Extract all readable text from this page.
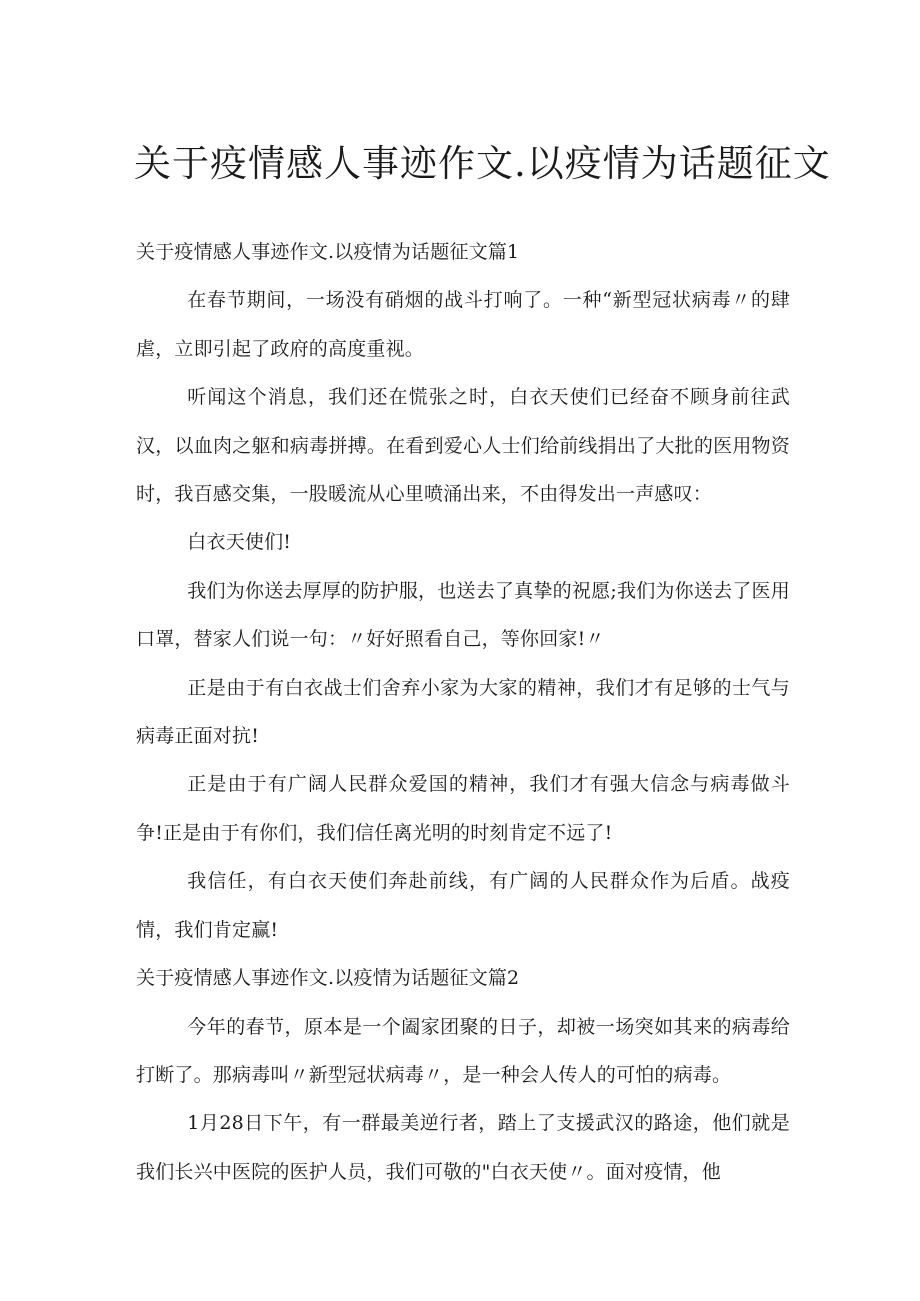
关于疫情感人事迹作文.以疫情为话题征文
关于疫情感人事迹作文.以疫情为话题征文篇1

在春节期间，一场没有硝烟的战斗打响了。一种“新型冠状病毒〃的肆虐，立即引起了政府的高度重视。

听闻这个消息，我们还在慌张之时，白衣天使们已经奋不顾身前往武汉，以血肉之躯和病毒拼搏。在看到爱心人士们给前线捐出了大批的医用物资时，我百感交集，一股暖流从心里喷涌出来，不由得发出一声感叹：

白衣天使们!

我们为你送去厚厚的防护服，也送去了真挚的祝愿;我们为你送去了医用口罩，替家人们说一句：〃好好照看自己，等你回家!〃

正是由于有白衣战士们舍弃小家为大家的精神，我们才有足够的士气与病毒正面对抗!

正是由于有广阔人民群众爱国的精神，我们才有强大信念与病毒做斗争!正是由于有你们，我们信任离光明的时刻肯定不远了!

我信任，有白衣天使们奔赴前线，有广阔的人民群众作为后盾。战疫情，我们肯定赢!

关于疫情感人事迹作文.以疫情为话题征文篇2

今年的春节，原本是一个阖家团聚的日子，却被一场突如其来的病毒给打断了。那病毒叫〃新型冠状病毒〃，是一种会人传人的可怕的病毒。

1月28日下午，有一群最美逆行者，踏上了支援武汉的路途，他们就是我们长兴中医院的医护人员，我们可敬的"白衣天使〃。面对疫情，他
